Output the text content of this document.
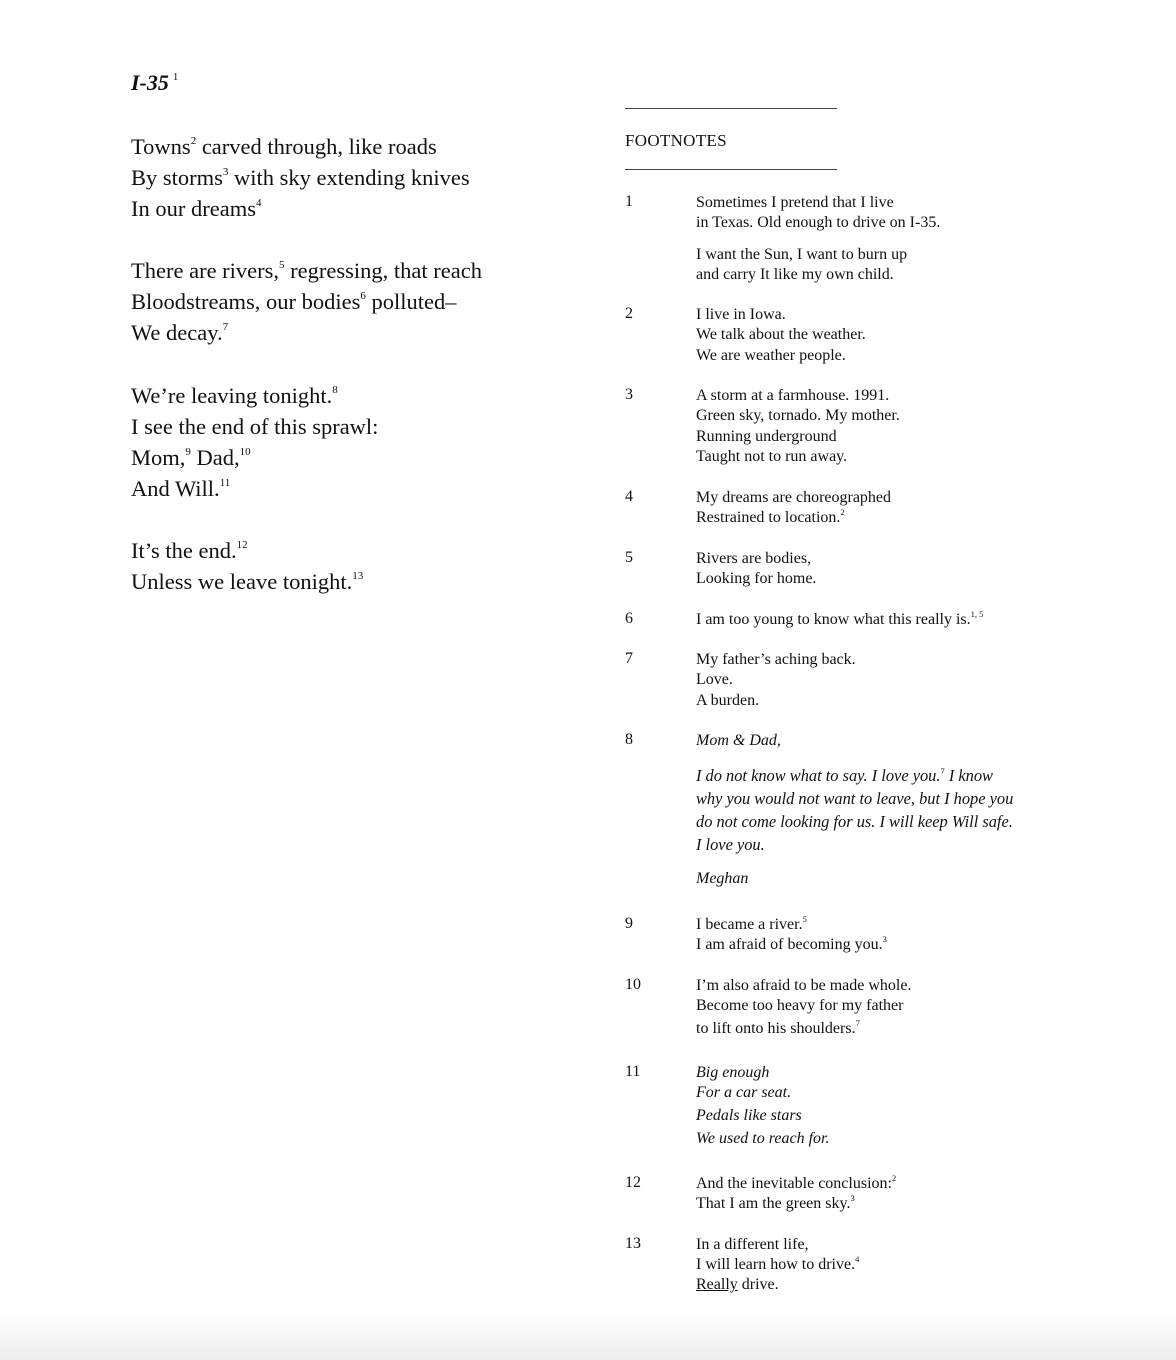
I-35 $^1$
Towns$^2$ carved through, like roads
By storms$^3$ with sky extending knives
In our dreams$^4$
There are rivers,$^5$ regressing, that reach
Bloodstreams, our bodies$^6$ polluted–
We decay.$^7$
We’re leaving tonight.$^8$
I see the end of this sprawl:
Mom,$^9$ Dad,$^{10}$
And Will.$^{11}$
It’s the end.$^{12}$
Unless we leave tonight.$^{13}$
FOOTNOTES
1	Sometimes I pretend that I live
in Texas. Old enough to drive on I-35.
I want the Sun, I want to burn up
and carry It like my own child.
2	I live in Iowa.
We talk about the weather.
We are weather people.
3	A storm at a farmhouse. 1991.
Green sky, tornado. My mother.
Running underground
Taught not to run away.
4	My dreams are choreographed
Restrained to location.$^2$
5	Rivers are bodies,
Looking for home.
6	I am too young to know what this really is.$^{1, 5}$
7	My father’s aching back.
Love.
A burden.
8	Mom & Dad,
I do not know what to say. I love you.$^7$ I know
why you would not want to leave, but I hope you
do not come looking for us. I will keep Will safe.
I love you.
Meghan
9	I became a river.$^5$
I am afraid of becoming you.$^3$
10	I’m also afraid to be made whole.
Become too heavy for my father
to lift onto his shoulders.$^7$
11	Big enough
For a car seat.
Pedals like stars
We used to reach for.
12	And the inevitable conclusion:$^2$
That I am the green sky.$^3$
13	In a different life,
I will learn how to drive.$^4$
Really drive.
